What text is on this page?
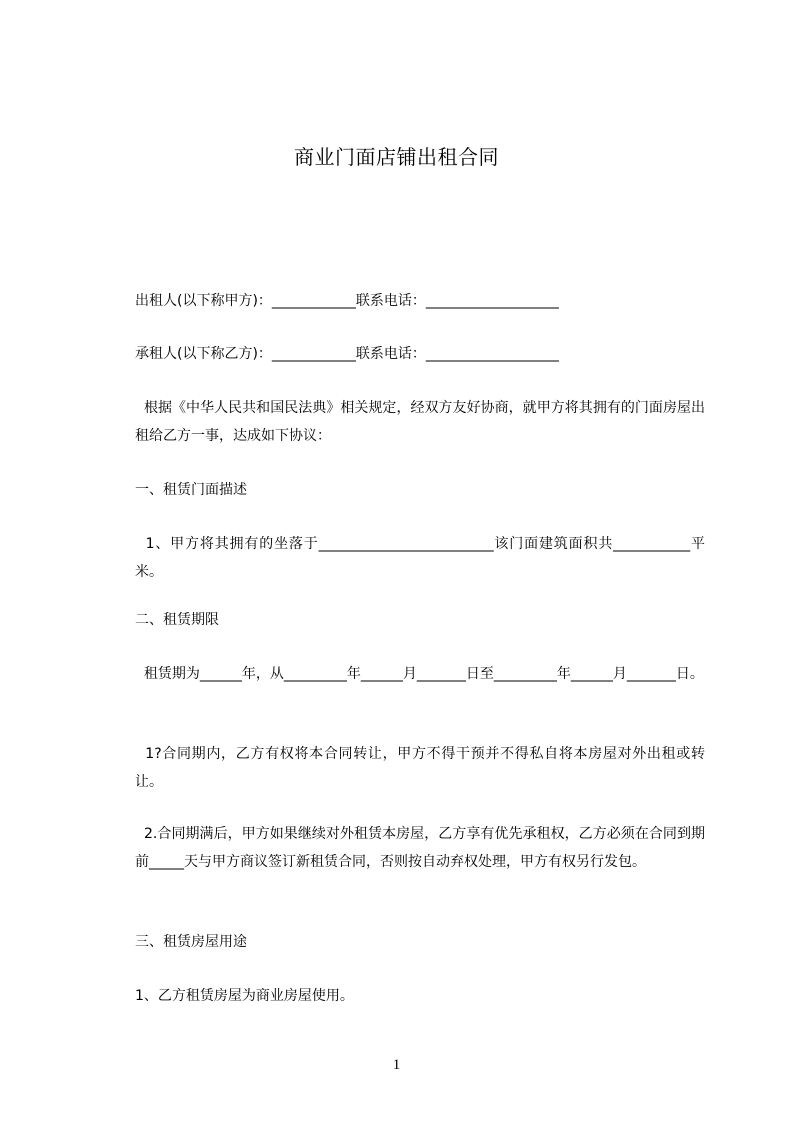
商业门面店铺出租合同

出租人(以下称甲方)：____________联系电话：___________________

承租人(以下称乙方)：____________联系电话：___________________

根据《中华人民共和国民法典》相关规定，经双方友好协商，就甲方将其拥有的门面房屋出租给乙方一事，达成如下协议：

一、租赁门面描述

1、甲方将其拥有的坐落于_________________________该门面建筑面积共___________平米。

二、租赁期限

租赁期为______年，从_________年______月_______日至_________年______月_______日。

1?合同期内，乙方有权将本合同转让，甲方不得干预并不得私自将本房屋对外出租或转让。

2.合同期满后，甲方如果继续对外租赁本房屋，乙方享有优先承租权，乙方必须在合同到期前_____天与甲方商议签订新租赁合同，否则按自动弃权处理，甲方有权另行发包。

三、租赁房屋用途

1、乙方租赁房屋为商业房屋使用。

1
